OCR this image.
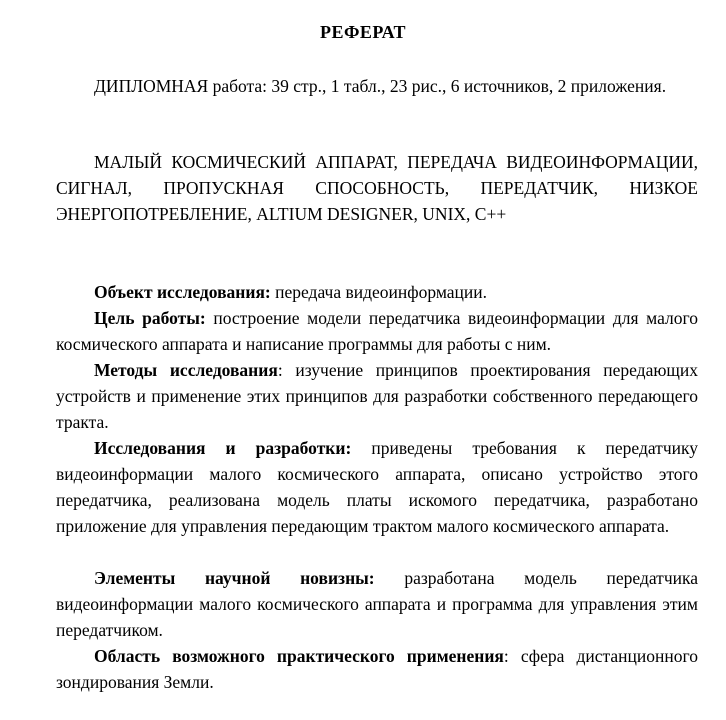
РЕФЕРАТ

ДИПЛОМНАЯ работа: 39 стр., 1 табл., 23 рис., 6 источников, 2 приложения.

МАЛЫЙ КОСМИЧЕСКИЙ АППАРАТ, ПЕРЕДАЧА ВИДЕОИНФОРМАЦИИ, СИГНАЛ, ПРОПУСКНАЯ СПОСОБНОСТЬ, ПЕРЕДАТЧИК, НИЗКОЕ ЭНЕРГОПОТРЕБЛЕНИЕ, ALTIUM DESIGNER, UNIX, C++

Объект исследования: передача видеоинформации.

Цель работы: построение модели передатчика видеоинформации для малого космического аппарата и написание программы для работы с ним.

Методы исследования: изучение принципов проектирования передающих устройств и применение этих принципов для разработки собственного передающего тракта.

Исследования и разработки: приведены требования к передатчику видеоинформации малого космического аппарата, описано устройство этого передатчика, реализована модель платы искомого передатчика, разработано приложение для управления передающим трактом малого космического аппарата.

Элементы научной новизны: разработана модель передатчика видеоинформации малого космического аппарата и программа для управления этим передатчиком.

Область возможного практического применения: сфера дистанционного зондирования Земли.
